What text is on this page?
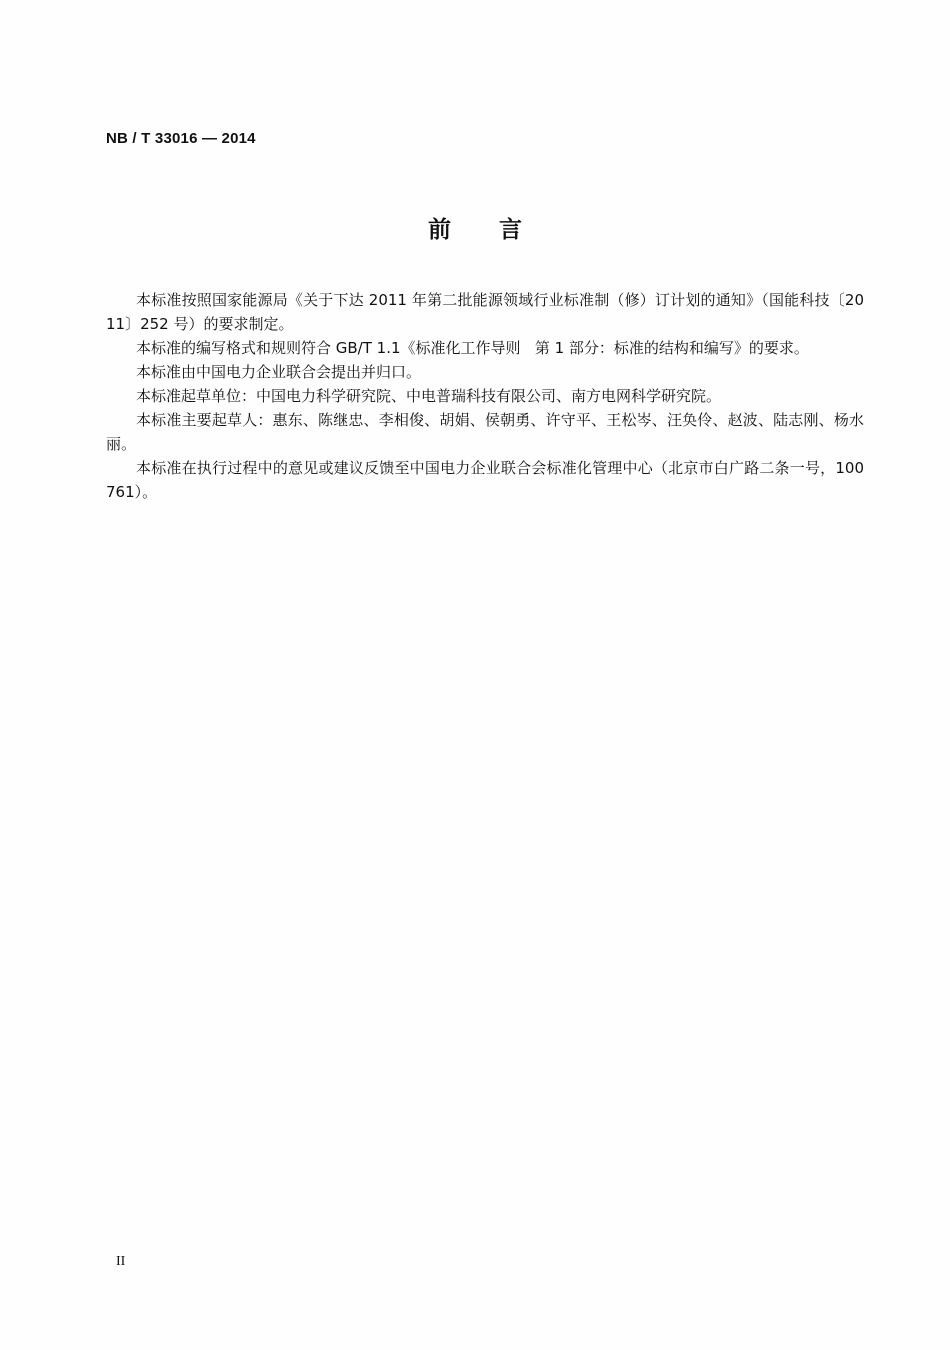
NB / T 33016 — 2014
前言

本标准按照国家能源局《关于下达 2011 年第二批能源领域行业标准制（修）订计划的通知》（国能科技〔2011〕252 号）的要求制定。

本标准的编写格式和规则符合 GB/T 1.1《标准化工作导则   第 1 部分：标准的结构和编写》的要求。

本标准由中国电力企业联合会提出并归口。

本标准起草单位：中国电力科学研究院、中电普瑞科技有限公司、南方电网科学研究院。

本标准主要起草人：惠东、陈继忠、李相俊、胡娟、侯朝勇、许守平、王松岑、汪奂伶、赵波、陆志刚、杨水丽。

本标准在执行过程中的意见或建议反馈至中国电力企业联合会标准化管理中心（北京市白广路二条一号，100761）。

II
